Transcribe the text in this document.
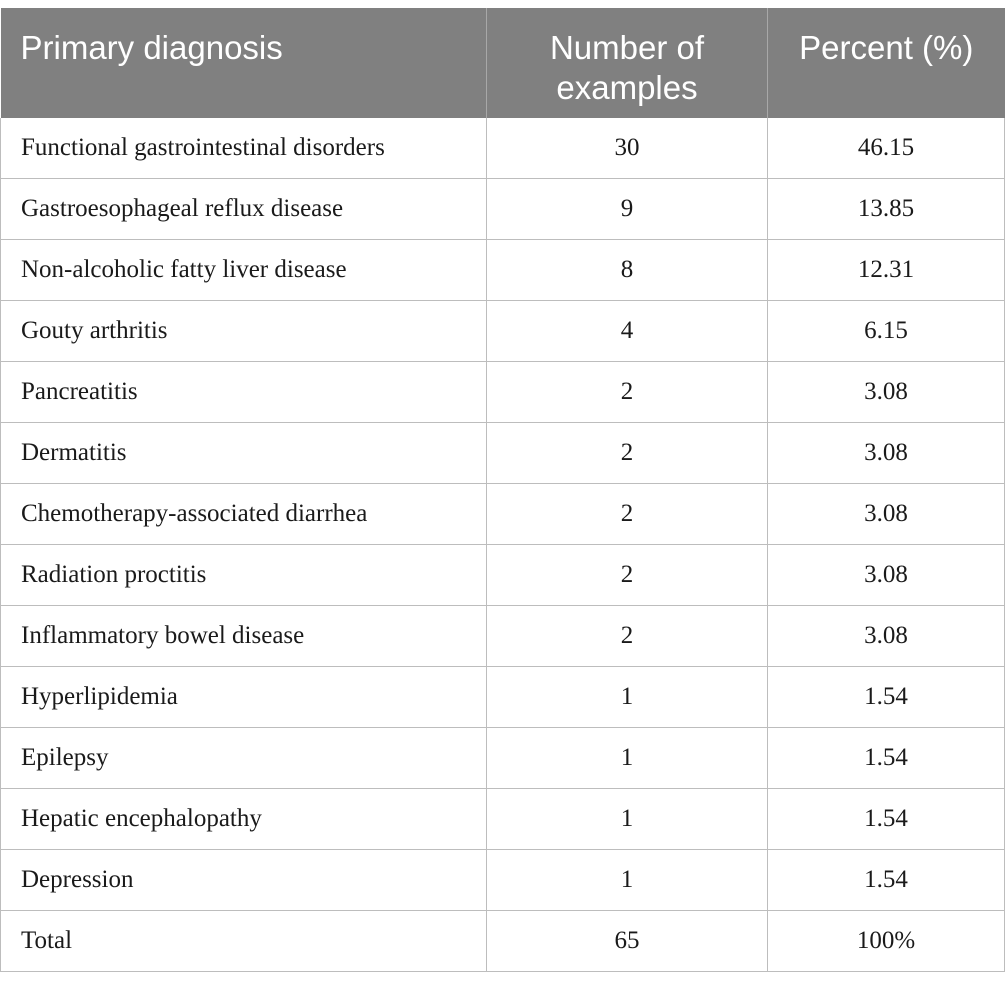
Primary diagnosis	Number of examples	Percent (%)
Functional gastrointestinal disorders	30	46.15
Gastroesophageal reflux disease	9	13.85
Non-alcoholic fatty liver disease	8	12.31
Gouty arthritis	4	6.15
Pancreatitis	2	3.08
Dermatitis	2	3.08
Chemotherapy-associated diarrhea	2	3.08
Radiation proctitis	2	3.08
Inflammatory bowel disease	2	3.08
Hyperlipidemia	1	1.54
Epilepsy	1	1.54
Hepatic encephalopathy	1	1.54
Depression	1	1.54
Total	65	100%
